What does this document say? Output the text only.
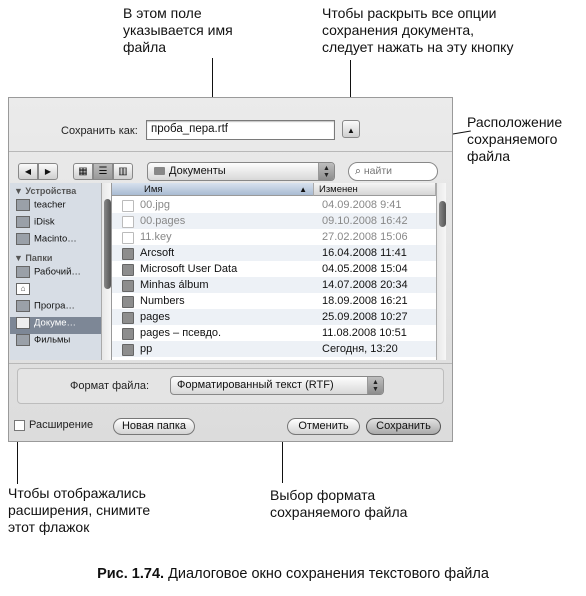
В этом поле
указывается имя
файла
Чтобы раскрыть все опции
сохранения документа,
следует нажать на эту кнопку
Расположение
сохраняемого
файла
Чтобы отображались
расширения, снимите
этот флажок
Выбор формата
сохраняемого файла
Сохранить как:	проба_пера.rtf	▲
◀	▶	▦	☰	▥	Документы	▲
▼	⌕ найти
▼ Устройства
teacher
iDisk
Macinto…
▼ Папки
Рабочий…
⌂
Програ…
Докуме…
Фильмы
Имя	▲	Изменен
00.jpg	04.09.2008 9:41
00.pages	09.10.2008 16:42
11.key	27.02.2008 15:06
Arcsoft	16.04.2008 11:41
Microsoft User Data	04.05.2008 15:04
Minhas álbum	14.07.2008 20:34
Numbers	18.09.2008 16:21
pages	25.09.2008 10:27
pages – псевдо.	11.08.2008 10:51
pp	Сегодня, 13:20
Формат файла:	Форматированный текст (RTF)	▲
▼
Расширение	Новая папка	Отменить	Сохранить
Рис. 1.74. Диалоговое окно сохранения текстового файла
